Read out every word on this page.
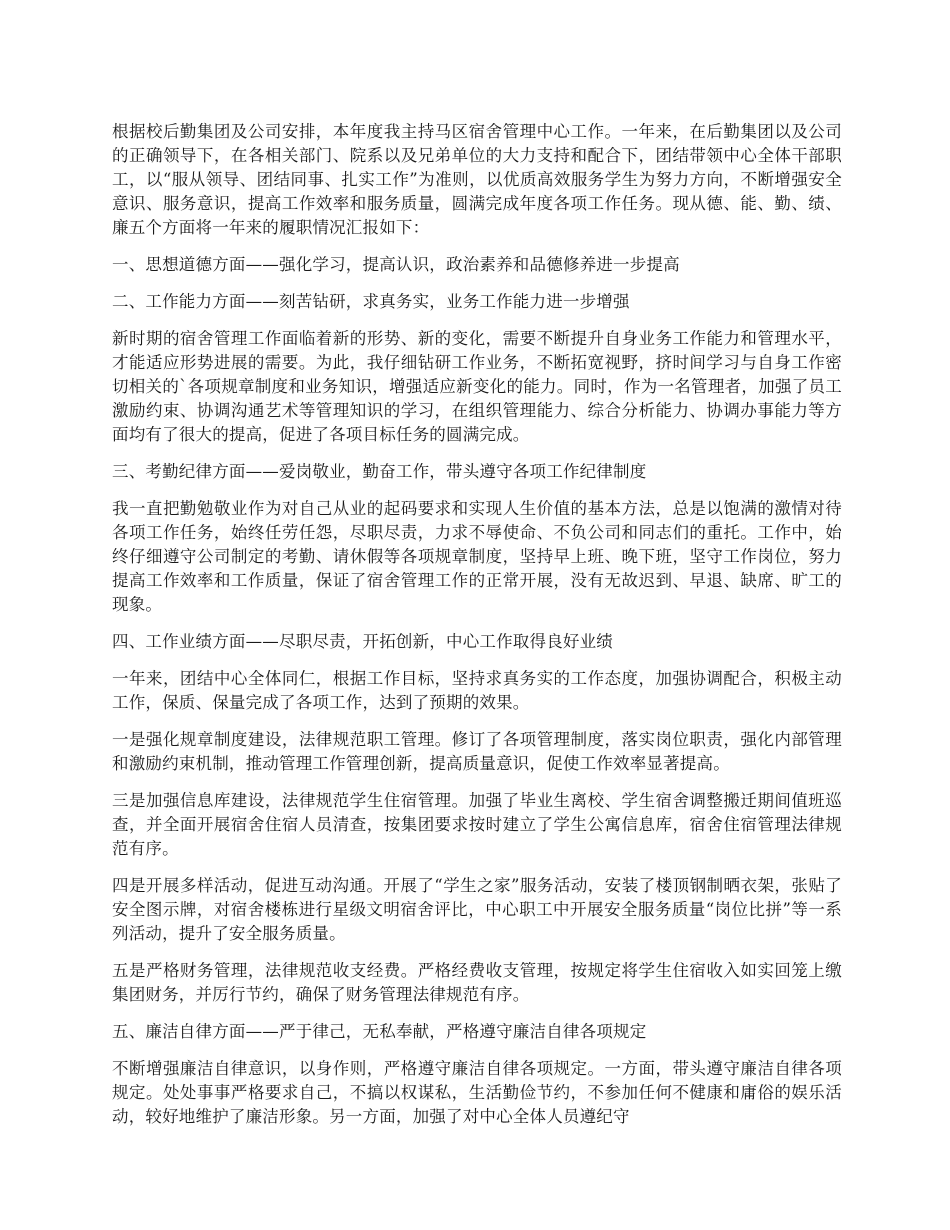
根据校后勤集团及公司安排，本年度我主持马区宿舍管理中心工作。一年来，在后勤集团以及公司的正确领导下，在各相关部门、院系以及兄弟单位的大力支持和配合下，团结带领中心全体干部职工，以“服从领导、团结同事、扎实工作”为准则，以优质高效服务学生为努力方向，不断增强安全意识、服务意识，提高工作效率和服务质量，圆满完成年度各项工作任务。现从德、能、勤、绩、廉五个方面将一年来的履职情况汇报如下：

一、思想道德方面——强化学习，提高认识，政治素养和品德修养进一步提高

二、工作能力方面——刻苦钻研，求真务实，业务工作能力进一步增强

新时期的宿舍管理工作面临着新的形势、新的变化，需要不断提升自身业务工作能力和管理水平，才能适应形势进展的需要。为此，我仔细钻研工作业务，不断拓宽视野，挤时间学习与自身工作密切相关的`各项规章制度和业务知识，增强适应新变化的能力。同时，作为一名管理者，加强了员工激励约束、协调沟通艺术等管理知识的学习，在组织管理能力、综合分析能力、协调办事能力等方面均有了很大的提高，促进了各项目标任务的圆满完成。

三、考勤纪律方面——爱岗敬业，勤奋工作，带头遵守各项工作纪律制度

我一直把勤勉敬业作为对自己从业的起码要求和实现人生价值的基本方法，总是以饱满的激情对待各项工作任务，始终任劳任怨，尽职尽责，力求不辱使命、不负公司和同志们的重托。工作中，始终仔细遵守公司制定的考勤、请休假等各项规章制度，坚持早上班、晚下班，坚守工作岗位，努力提高工作效率和工作质量，保证了宿舍管理工作的正常开展，没有无故迟到、早退、缺席、旷工的现象。

四、工作业绩方面——尽职尽责，开拓创新，中心工作取得良好业绩

一年来，团结中心全体同仁，根据工作目标，坚持求真务实的工作态度，加强协调配合，积极主动工作，保质、保量完成了各项工作，达到了预期的效果。

一是强化规章制度建设，法律规范职工管理。修订了各项管理制度，落实岗位职责，强化内部管理和激励约束机制，推动管理工作管理创新，提高质量意识，促使工作效率显著提高。

三是加强信息库建设，法律规范学生住宿管理。加强了毕业生离校、学生宿舍调整搬迁期间值班巡查，并全面开展宿舍住宿人员清查，按集团要求按时建立了学生公寓信息库，宿舍住宿管理法律规范有序。

四是开展多样活动，促进互动沟通。开展了“学生之家”服务活动，安装了楼顶钢制晒衣架，张贴了安全图示牌，对宿舍楼栋进行星级文明宿舍评比，中心职工中开展安全服务质量“岗位比拼”等一系列活动，提升了安全服务质量。

五是严格财务管理，法律规范收支经费。严格经费收支管理，按规定将学生住宿收入如实回笼上缴集团财务，并厉行节约，确保了财务管理法律规范有序。

五、廉洁自律方面——严于律己，无私奉献，严格遵守廉洁自律各项规定

不断增强廉洁自律意识，以身作则，严格遵守廉洁自律各项规定。一方面，带头遵守廉洁自律各项规定。处处事事严格要求自己，不搞以权谋私，生活勤俭节约，不参加任何不健康和庸俗的娱乐活动，较好地维护了廉洁形象。另一方面，加强了对中心全体人员遵纪守
